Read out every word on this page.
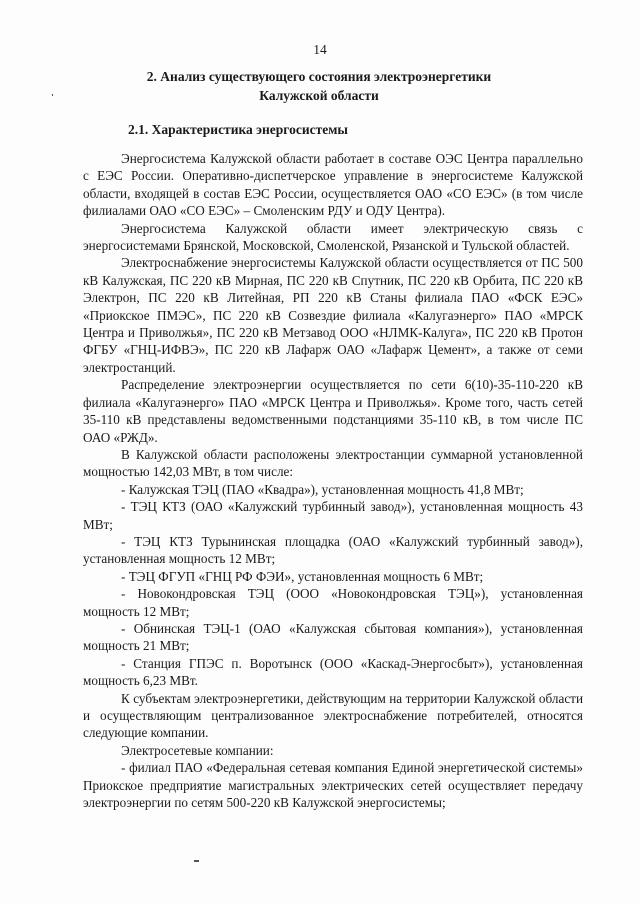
14
2. Анализ существующего состояния электроэнергетики
Калужской области
2.1. Характеристика энергосистемы

Энергосистема Калужской области работает в составе ОЭС Центра параллельно с ЕЭС России. Оперативно-диспетчерское управление в энергосистеме Калужской области, входящей в состав ЕЭС России, осуществляется ОАО «СО ЕЭС» (в том числе филиалами ОАО «СО ЕЭС» – Смоленским РДУ и ОДУ Центра).

Энергосистема Калужской области имеет электрическую связь с энергосистемами Брянской, Московской, Смоленской, Рязанской и Тульской областей.

Электроснабжение энергосистемы Калужской области осуществляется от ПС 500 кВ Калужская, ПС 220 кВ Мирная, ПС 220 кВ Спутник, ПС 220 кВ Орбита, ПС 220 кВ Электрон, ПС 220 кВ Литейная, РП 220 кВ Станы филиала ПАО «ФСК ЕЭС» «Приокское ПМЭС», ПС 220 кВ Созвездие филиала «Калугаэнерго» ПАО «МРСК Центра и Приволжья», ПС 220 кВ Метзавод ООО «НЛМК-Калуга», ПС 220 кВ Протон ФГБУ «ГНЦ-ИФВЭ», ПС 220 кВ Лафарж ОАО «Лафарж Цемент», а также от семи электростанций.

Распределение электроэнергии осуществляется по сети 6(10)-35-110-220 кВ филиала «Калугаэнерго» ПАО «МРСК Центра и Приволжья». Кроме того, часть сетей 35-110 кВ представлены ведомственными подстанциями 35-110 кВ, в том числе ПС ОАО «РЖД».

В Калужской области расположены электростанции суммарной установленной мощностью 142,03 МВт, в том числе:

- Калужская ТЭЦ (ПАО «Квадра»), установленная мощность 41,8 МВт;

- ТЭЦ КТЗ (ОАО «Калужский турбинный завод»), установленная мощность 43 МВт;

- ТЭЦ КТЗ Турынинская площадка (ОАО «Калужский турбинный завод»), установленная мощность 12 МВт;

- ТЭЦ ФГУП «ГНЦ РФ ФЭИ», установленная мощность 6 МВт;

- Новокондровская ТЭЦ (ООО «Новокондровская ТЭЦ»), установленная мощность 12 МВт;

- Обнинская ТЭЦ-1 (ОАО «Калужская сбытовая компания»), установленная мощность 21 МВт;

- Станция ГПЭС п. Воротынск (ООО «Каскад-Энергосбыт»), установленная мощность 6,23 МВт.

К субъектам электроэнергетики, действующим на территории Калужской области и осуществляющим централизованное электроснабжение потребителей, относятся следующие компании.

Электросетевые компании:

- филиал ПАО «Федеральная сетевая компания Единой энергетической системы» Приокское предприятие магистральных электрических сетей осуществляет передачу электроэнергии по сетям 500-220 кВ Калужской энергосистемы;
